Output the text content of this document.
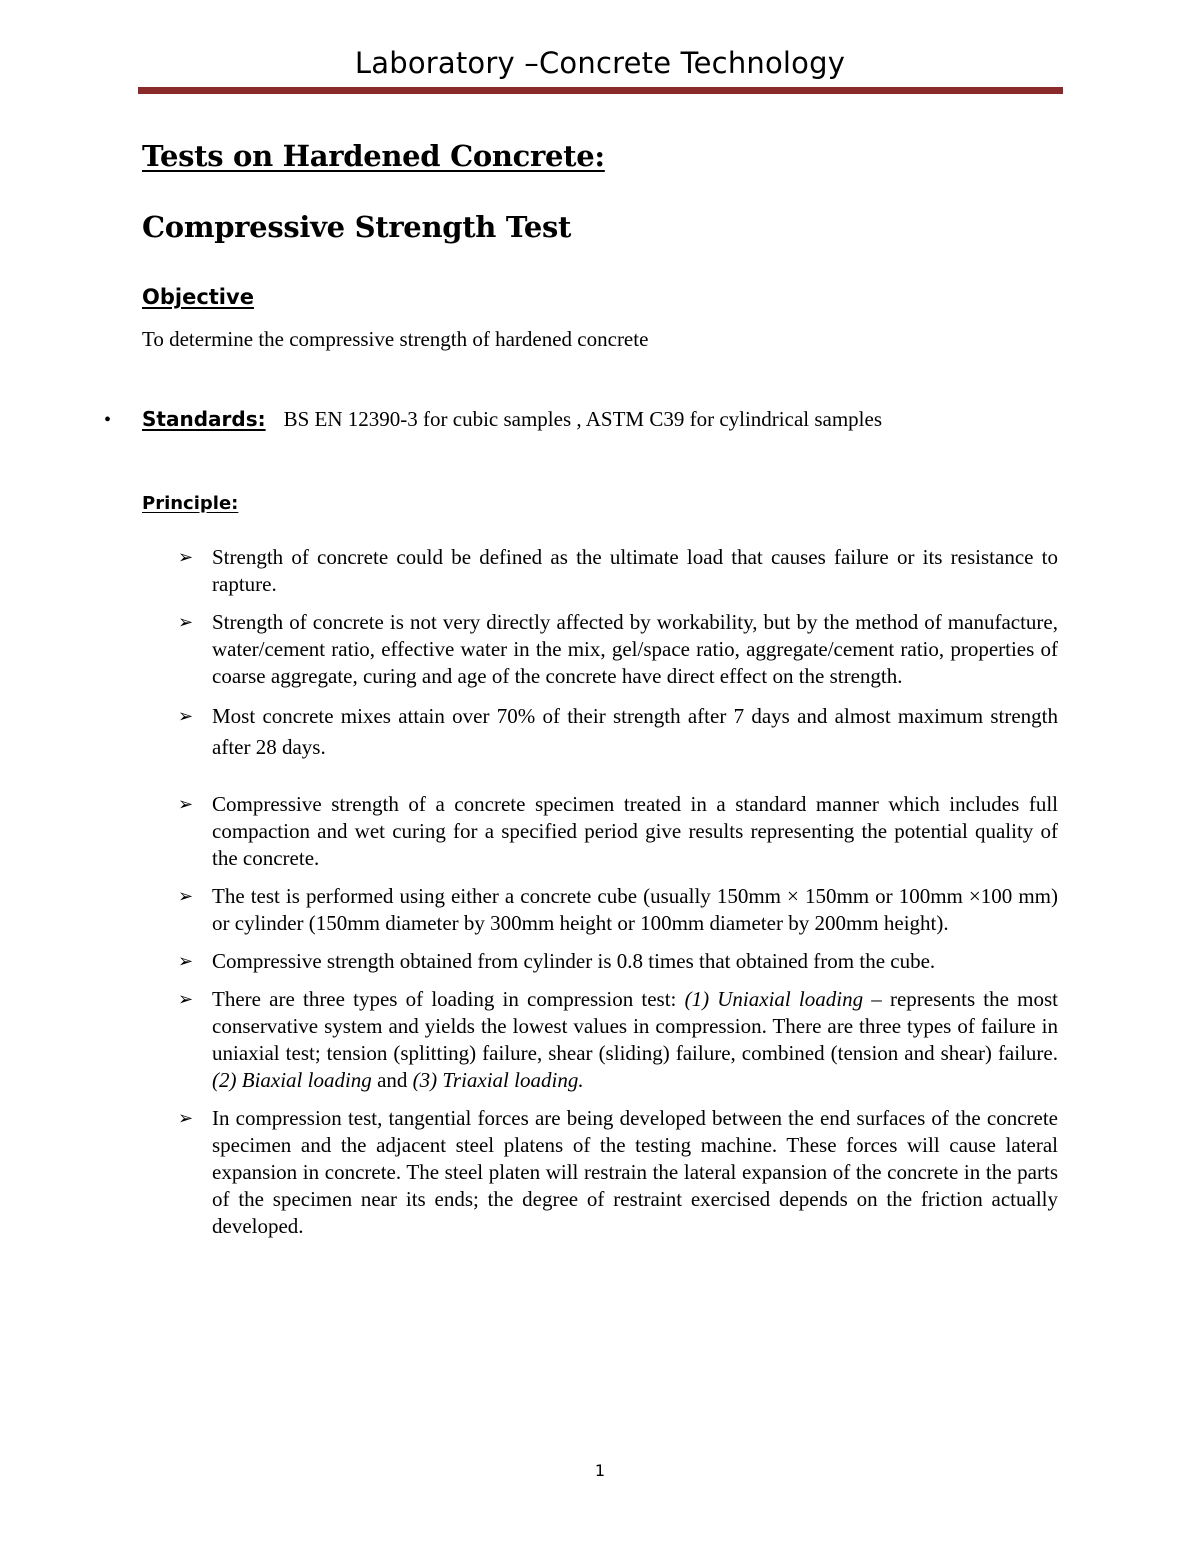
Laboratory –Concrete Technology
Tests on Hardened Concrete:
Compressive Strength Test
Objective
To determine the compressive strength of hardened concrete
• Standards: BS EN 12390-3 for cubic samples , ASTM C39 for cylindrical samples
Principle:
➢ Strength of concrete could be defined as the ultimate load that causes failure or its resistance to rapture.
➢ Strength of concrete is not very directly affected by workability, but by the method of manufacture, water/cement ratio, effective water in the mix, gel/space ratio, aggregate/cement ratio, properties of coarse aggregate, curing and age of the concrete have direct effect on the strength.
➢ Most concrete mixes attain over 70% of their strength after 7 days and almost maximum strength after 28 days.
➢ Compressive strength of a concrete specimen treated in a standard manner which includes full compaction and wet curing for a specified period give results representing the potential quality of the concrete.
➢ The test is performed using either a concrete cube (usually 150mm × 150mm or 100mm ×100 mm) or cylinder (150mm diameter by 300mm height or 100mm diameter by 200mm height).
➢ Compressive strength obtained from cylinder is 0.8 times that obtained from the cube.
➢ There are three types of loading in compression test: (1) Uniaxial loading – represents the most conservative system and yields the lowest values in compression. There are three types of failure in uniaxial test; tension (splitting) failure, shear (sliding) failure, combined (tension and shear) failure. (2) Biaxial loading and (3) Triaxial loading.
➢ In compression test, tangential forces are being developed between the end surfaces of the concrete specimen and the adjacent steel platens of the testing machine. These forces will cause lateral expansion in concrete. The steel platen will restrain the lateral expansion of the concrete in the parts of the specimen near its ends; the degree of restraint exercised depends on the friction actually developed.
1
